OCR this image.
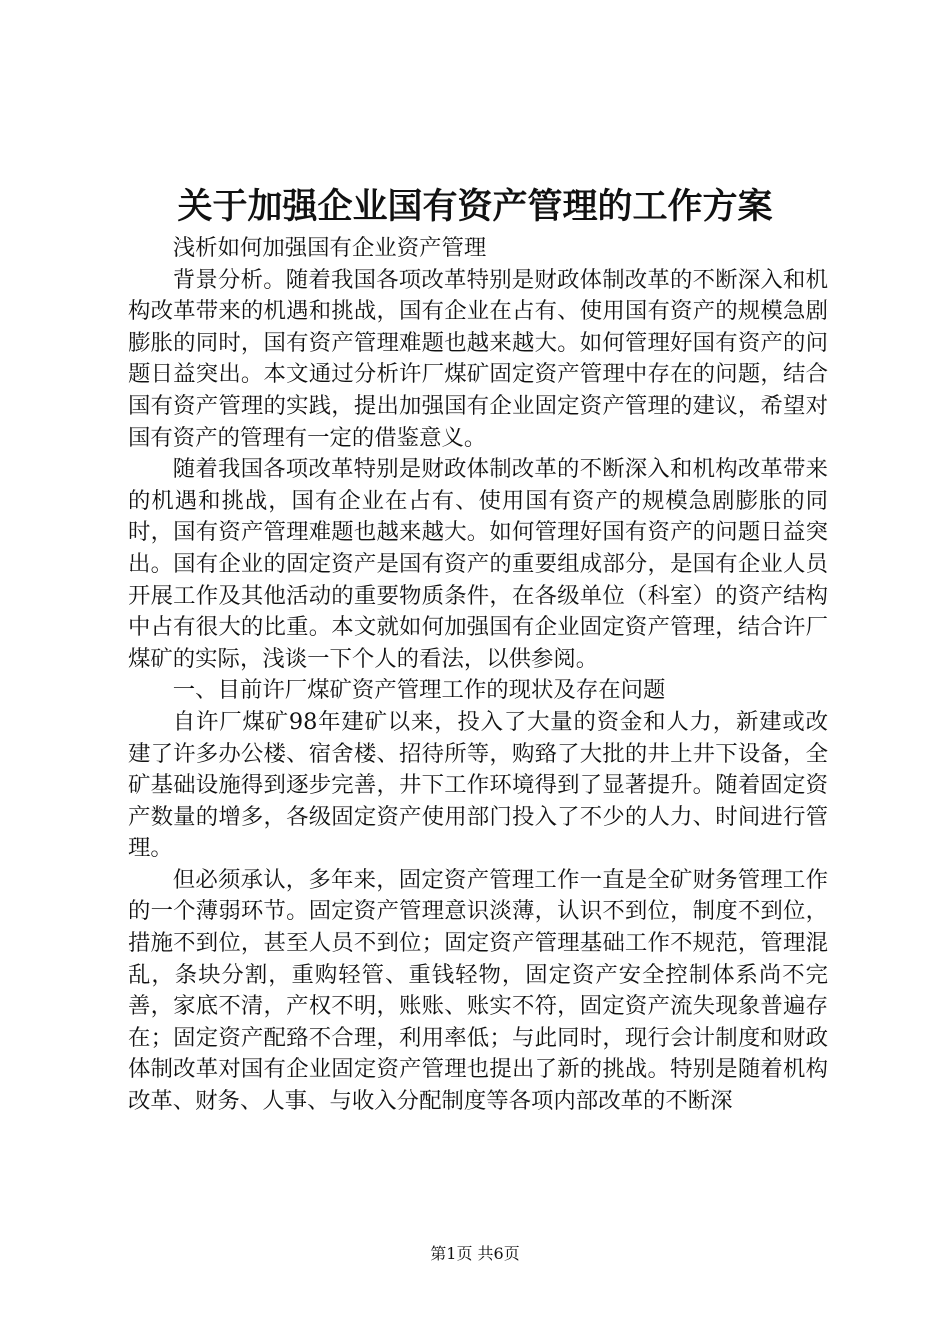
关于加强企业国有资产管理的工作方案

浅析如何加强国有企业资产管理

背景分析。随着我国各项改革特别是财政体制改革的不断深入和机构改革带来的机遇和挑战，国有企业在占有、使用国有资产的规模急剧膨胀的同时，国有资产管理难题也越来越大。如何管理好国有资产的问题日益突出。本文通过分析许厂煤矿固定资产管理中存在的问题，结合国有资产管理的实践，提出加强国有企业固定资产管理的建议，希望对国有资产的管理有一定的借鉴意义。

随着我国各项改革特别是财政体制改革的不断深入和机构改革带来的机遇和挑战，国有企业在占有、使用国有资产的规模急剧膨胀的同时，国有资产管理难题也越来越大。如何管理好国有资产的问题日益突出。国有企业的固定资产是国有资产的重要组成部分，是国有企业人员开展工作及其他活动的重要物质条件，在各级单位（科室）的资产结构中占有很大的比重。本文就如何加强国有企业固定资产管理，结合许厂煤矿的实际，浅谈一下个人的看法，以供参阅。

一、目前许厂煤矿资产管理工作的现状及存在问题

自许厂煤矿98年建矿以来，投入了大量的资金和人力，新建或改建了许多办公楼、宿舍楼、招待所等，购臵了大批的井上井下设备，全矿基础设施得到逐步完善，井下工作环境得到了显著提升。随着固定资产数量的增多，各级固定资产使用部门投入了不少的人力、时间进行管理。

但必须承认，多年来，固定资产管理工作一直是全矿财务管理工作的一个薄弱环节。固定资产管理意识淡薄，认识不到位，制度不到位，措施不到位，甚至人员不到位；固定资产管理基础工作不规范，管理混乱，条块分割，重购轻管、重钱轻物，固定资产安全控制体系尚不完善，家底不清，产权不明，账账、账实不符，固定资产流失现象普遍存在；固定资产配臵不合理，利用率低；与此同时，现行会计制度和财政体制改革对国有企业固定资产管理也提出了新的挑战。特别是随着机构改革、财务、人事、与收入分配制度等各项内部改革的不断深

第1页 共6页
